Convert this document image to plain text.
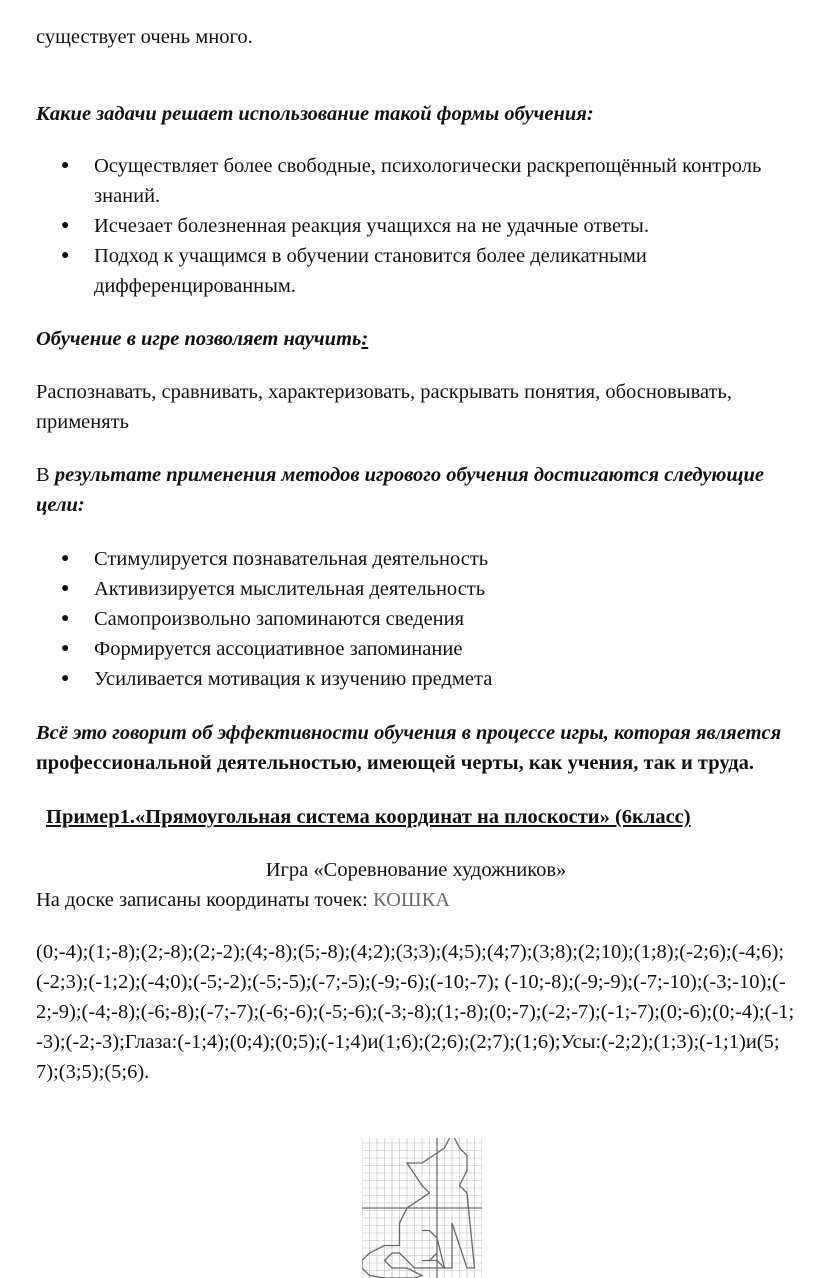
существует очень много.

Какие задачи решает использование такой формы обучения:

● Осуществляет более свободные, психологически раскрепощённый контроль знаний.
● Исчезает болезненная реакция учащихся на не удачные ответы.
● Подход к учащимся в обучении становится более деликатными дифференцированным.

Обучение в игре позволяет научить:

Распознавать, сравнивать, характеризовать, раскрывать понятия, обосновывать, применять

В результате применения методов игрового обучения достигаются следующие цели:

● Стимулируется познавательная деятельность
● Активизируется мыслительная деятельность
● Самопроизвольно запоминаются сведения
● Формируется ассоциативное запоминание
● Усиливается мотивация к изучению предмета

Всё это говорит об эффективности обучения в процессе игры, которая является профессиональной деятельностью, имеющей черты, как учения, так и труда.

Пример1.«Прямоугольная система координат на плоскости» (6класс)

Игра «Соревнование художников»

На доске записаны координаты точек: КОШКА

(0;-4);(1;-8);(2;-8);(2;-2);(4;-8);(5;-8);(4;2);(3;3);(4;5);(4;7);(3;8);(2;10);(1;8);(-2;6);(-4;6);(-2;3);(-1;2);(-4;0);(-5;-2);(-5;-5);(-7;-5);(-9;-6);(-10;-7); (-10;-8);(-9;-9);(-7;-10);(-3;-10);(-2;-9);(-4;-8);(-6;-8);(-7;-7);(-6;-6);(-5;-6);(-3;-8);(1;-8);(0;-7);(-2;-7);(-1;-7);(0;-6);(0;-4);(-1;-3);(-2;-3);Глаза:(-1;4);(0;4);(0;5);(-1;4)и(1;6);(2;6);(2;7);(1;6);Усы:(-2;2);(1;3);(-1;1)и(5;7);(3;5);(5;6).
